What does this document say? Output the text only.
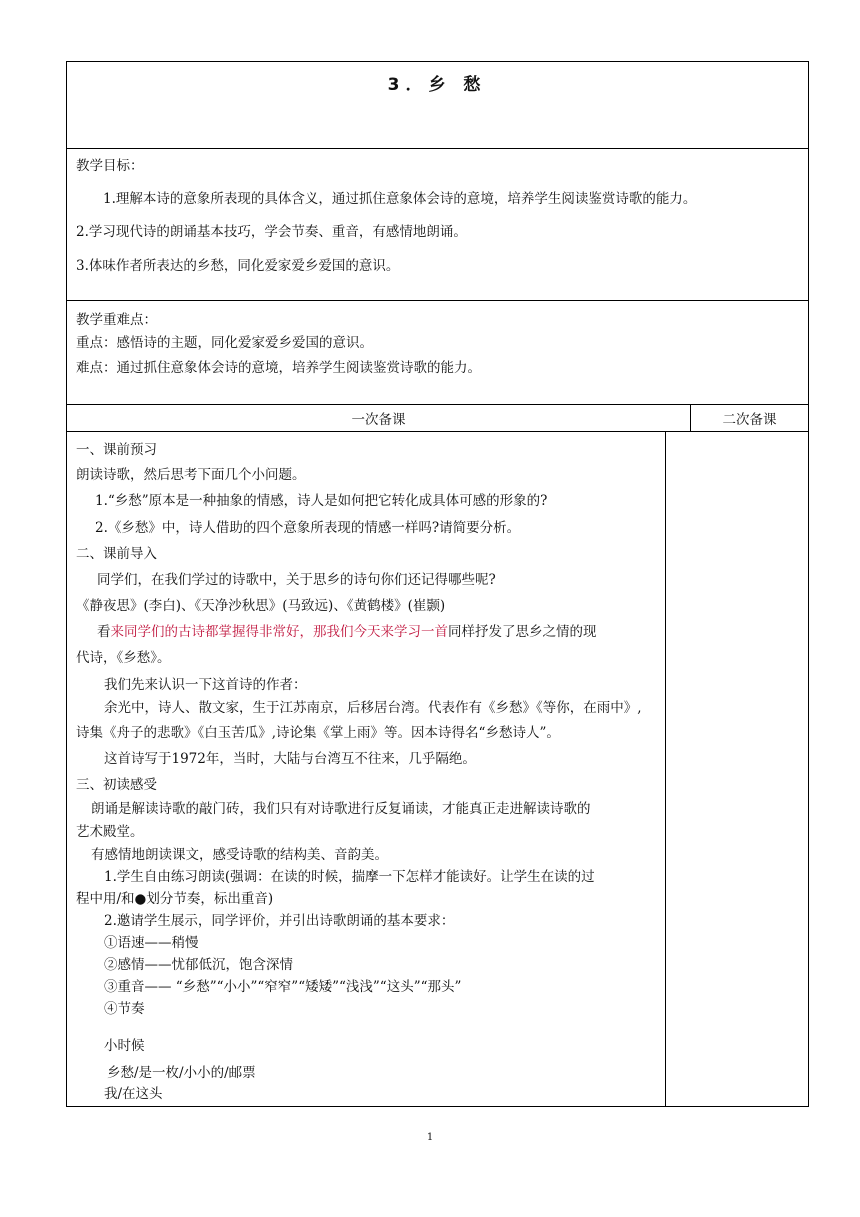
3．乡 愁
教学目标：
1.理解本诗的意象所表现的具体含义，通过抓住意象体会诗的意境，培养学生阅读鉴赏诗歌的能力。
2.学习现代诗的朗诵基本技巧，学会节奏、重音，有感情地朗诵。
3.体味作者所表达的乡愁，同化爱家爱乡爱国的意识。
教学重难点：
重点：感悟诗的主题，同化爱家爱乡爱国的意识。
难点：通过抓住意象体会诗的意境，培养学生阅读鉴赏诗歌的能力。
一次备课	二次备课
一、课前预习
朗读诗歌，然后思考下面几个小问题。
1.“乡愁”原本是一种抽象的情感，诗人是如何把它转化成具体可感的形象的?
2.《乡愁》中，诗人借助的四个意象所表现的情感一样吗?请简要分析。
二、课前导入
同学们，在我们学过的诗歌中，关于思乡的诗句你们还记得哪些呢?
《静夜思》(李白)、《天净沙秋思》(马致远)、《黄鹤楼》(崔颢)
看来同学们的古诗都掌握得非常好，那我们今天来学习一首同样抒发了思乡之情的现
代诗，《乡愁》。
我们先来认识一下这首诗的作者：
余光中，诗人、散文家，生于江苏南京，后移居台湾。代表作有《乡愁》《等你，在雨中》,
诗集《舟子的悲歌》《白玉苦瓜》,诗论集《掌上雨》等。因本诗得名“乡愁诗人”。
这首诗写于1972年，当时，大陆与台湾互不往来，几乎隔绝。
三、初读感受
朗诵是解读诗歌的敲门砖，我们只有对诗歌进行反复诵读，才能真正走进解读诗歌的
艺术殿堂。
有感情地朗读课文，感受诗歌的结构美、音韵美。
1.学生自由练习朗读(强调：在读的时候，揣摩一下怎样才能读好。让学生在读的过
程中用/和●划分节奏，标出重音)
2.邀请学生展示，同学评价，并引出诗歌朗诵的基本要求：
①语速——稍慢
②感情——忧郁低沉，饱含深情
③重音—— “乡愁”“小小”“窄窄”“矮矮”“浅浅”“这头”“那头”
④节奏
小时候
乡愁/是一枚/小小的/邮票
我/在这头
1
